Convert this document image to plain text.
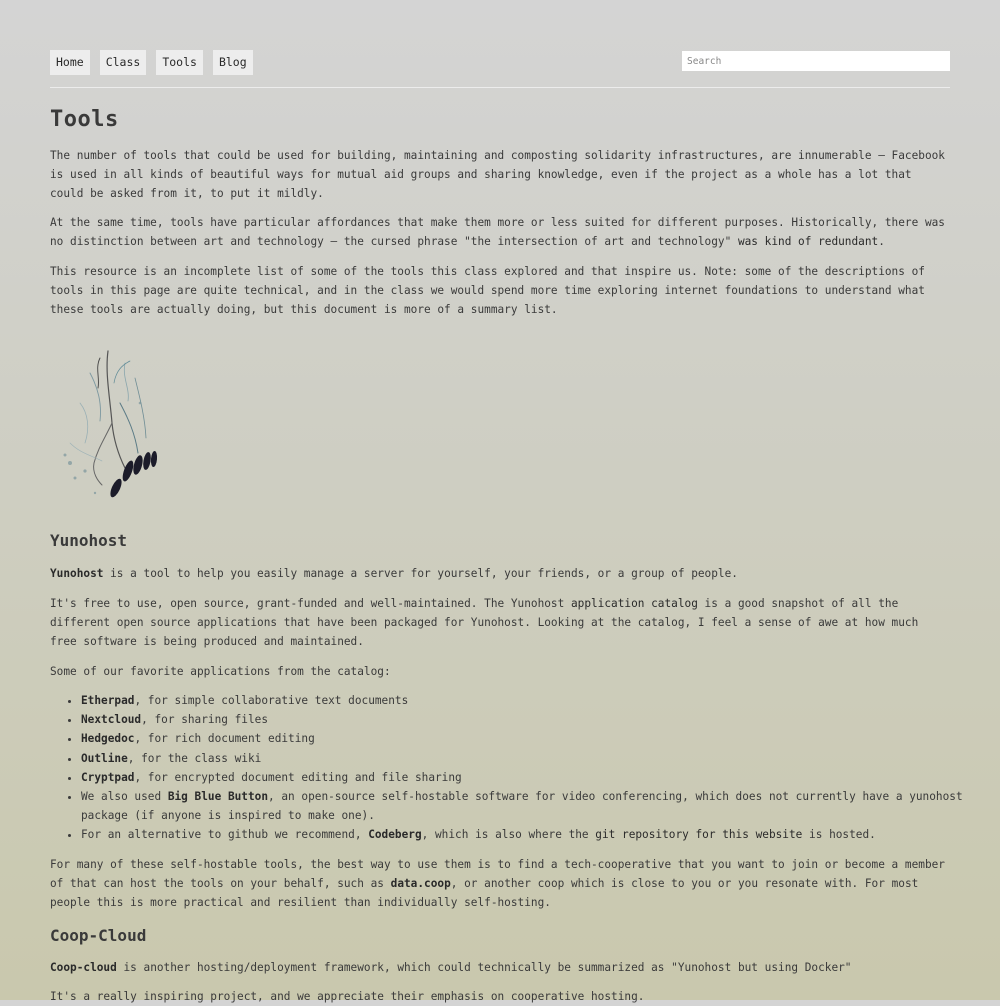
Home	Class	Tools	Blog
Search
Tools

The number of tools that could be used for building, maintaining and composting solidarity infrastructures, are innumerable – Facebook is used in all kinds of beautiful ways for mutual aid groups and sharing knowledge, even if the project as a whole has a lot that could be asked from it, to put it mildly.

At the same time, tools have particular affordances that make them more or less suited for different purposes. Historically, there was no distinction between art and technology – the cursed phrase "the intersection of art and technology" was kind of redundant.

This resource is an incomplete list of some of the tools this class explored and that inspire us. Note: some of the descriptions of tools in this page are quite technical, and in the class we would spend more time exploring internet foundations to understand what these tools are actually doing, but this document is more of a summary list.

Yunohost

Yunohost is a tool to help you easily manage a server for yourself, your friends, or a group of people.

It's free to use, open source, grant-funded and well-maintained. The Yunohost application catalog is a good snapshot of all the different open source applications that have been packaged for Yunohost. Looking at the catalog, I feel a sense of awe at how much free software is being produced and maintained.

Some of our favorite applications from the catalog:

• Etherpad, for simple collaborative text documents
• Nextcloud, for sharing files
• Hedgedoc, for rich document editing
• Outline, for the class wiki
• Cryptpad, for encrypted document editing and file sharing
• We also used Big Blue Button, an open-source self-hostable software for video conferencing, which does not currently have a yunohost package (if anyone is inspired to make one).
• For an alternative to github we recommend, Codeberg, which is also where the git repository for this website is hosted.

For many of these self-hostable tools, the best way to use them is to find a tech-cooperative that you want to join or become a member of that can host the tools on your behalf, such as data.coop, or another coop which is close to you or you resonate with. For most people this is more practical and resilient than individually self-hosting.

Coop-Cloud

Coop-cloud is another hosting/deployment framework, which could technically be summarized as "Yunohost but using Docker"

It's a really inspiring project, and we appreciate their emphasis on cooperative hosting.
